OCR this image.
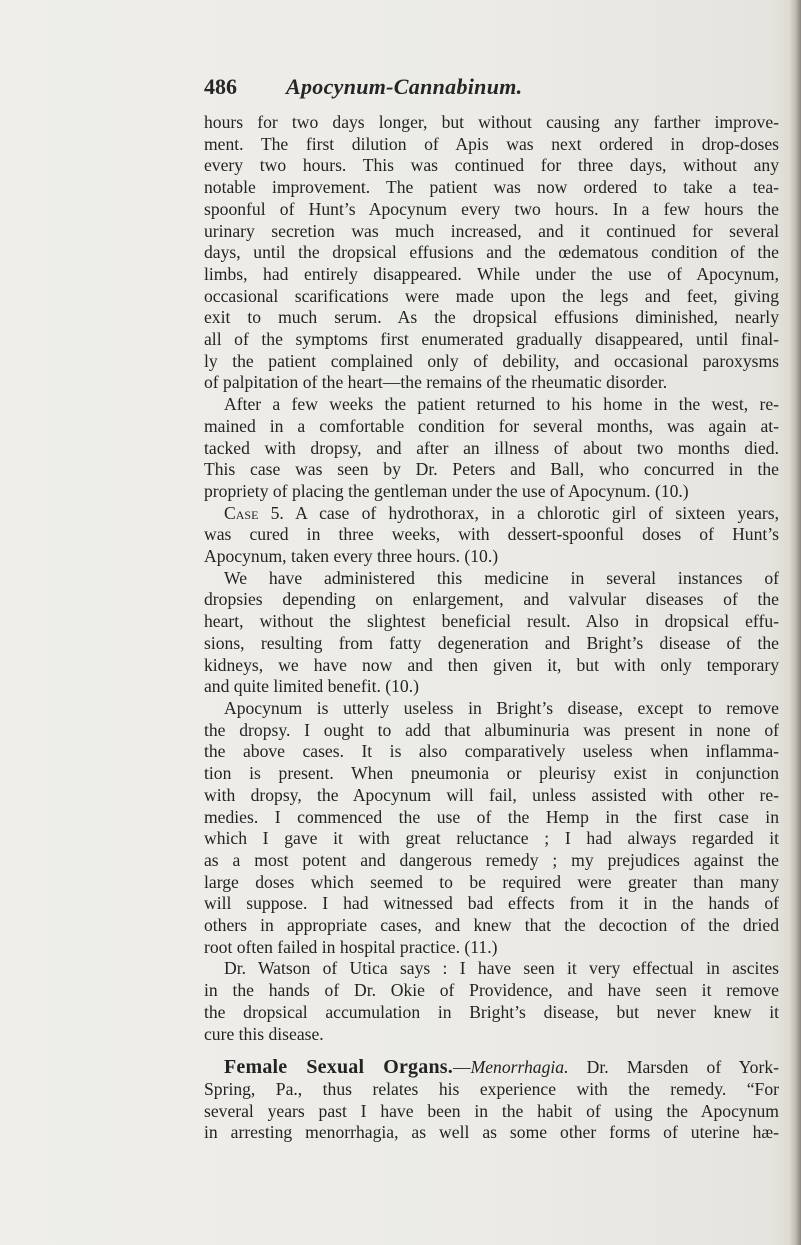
486 Apocynum-Cannabinum.
hours for two days longer, but without causing any farther improve-
ment. The first dilution of Apis was next ordered in drop-doses
every two hours. This was continued for three days, without any
notable improvement. The patient was now ordered to take a tea-
spoonful of Hunt’s Apocynum every two hours. In a few hours the
urinary secretion was much increased, and it continued for several
days, until the dropsical effusions and the œdematous condition of the
limbs, had entirely disappeared. While under the use of Apocynum,
occasional scarifications were made upon the legs and feet, giving
exit to much serum. As the dropsical effusions diminished, nearly
all of the symptoms first enumerated gradually disappeared, until final-
ly the patient complained only of debility, and occasional paroxysms
of palpitation of the heart—the remains of the rheumatic disorder.
After a few weeks the patient returned to his home in the west, re-
mained in a comfortable condition for several months, was again at-
tacked with dropsy, and after an illness of about two months died.
This case was seen by Dr. Peters and Ball, who concurred in the
propriety of placing the gentleman under the use of Apocynum. (10.)
Case 5. A case of hydrothorax, in a chlorotic girl of sixteen years,
was cured in three weeks, with dessert-spoonful doses of Hunt’s
Apocynum, taken every three hours. (10.)
We have administered this medicine in several instances of
dropsies depending on enlargement, and valvular diseases of the
heart, without the slightest beneficial result. Also in dropsical effu-
sions, resulting from fatty degeneration and Bright’s disease of the
kidneys, we have now and then given it, but with only temporary
and quite limited benefit. (10.)
Apocynum is utterly useless in Bright’s disease, except to remove
the dropsy. I ought to add that albuminuria was present in none of
the above cases. It is also comparatively useless when inflamma-
tion is present. When pneumonia or pleurisy exist in conjunction
with dropsy, the Apocynum will fail, unless assisted with other re-
medies. I commenced the use of the Hemp in the first case in
which I gave it with great reluctance ; I had always regarded it
as a most potent and dangerous remedy ; my prejudices against the
large doses which seemed to be required were greater than many
will suppose. I had witnessed bad effects from it in the hands of
others in appropriate cases, and knew that the decoction of the dried
root often failed in hospital practice. (11.)
Dr. Watson of Utica says : I have seen it very effectual in ascites
in the hands of Dr. Okie of Providence, and have seen it remove
the dropsical accumulation in Bright’s disease, but never knew it
cure this disease.
Female Sexual Organs.—Menorrhagia. Dr. Marsden of York-
Spring, Pa., thus relates his experience with the remedy. “For
several years past I have been in the habit of using the Apocynum
in arresting menorrhagia, as well as some other forms of uterine hæ-
